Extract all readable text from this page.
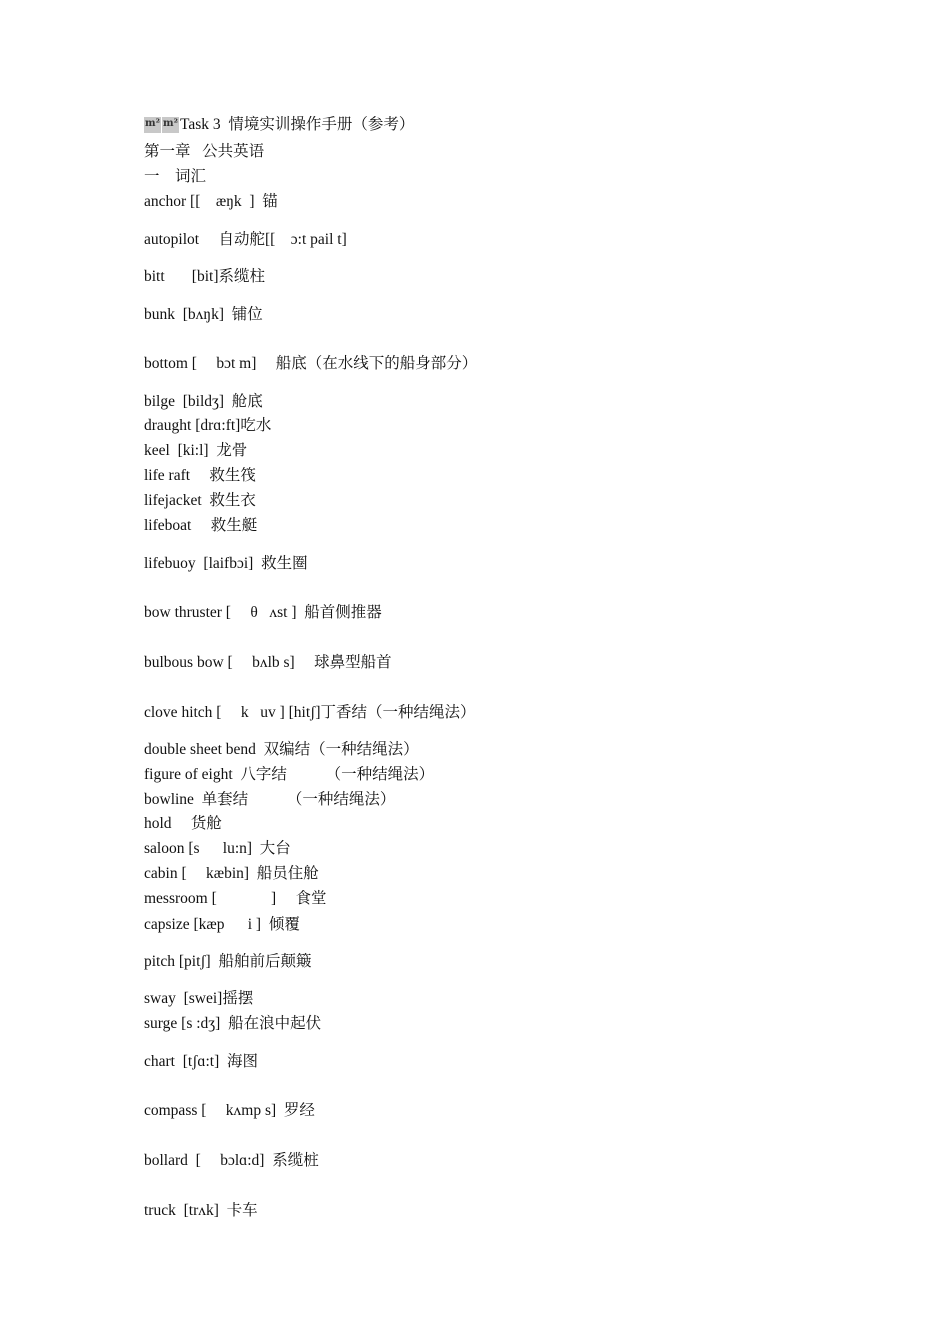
m² m² Task 3  情境实训操作手册（参考）
第一章   公共英语
一    词汇
anchor [[    æŋk  ]  锚
autopilot     自动舵[[    ɔ:t pail t]
bitt       [bit]系缆柱
bunk  [bʌŋk]  铺位
bottom [     bɔt m]     船底（在水线下的船身部分）
bilge  [bildʒ]  舱底
draught [drɑ:ft]吃水
keel  [ki:l]  龙骨
life raft     救生筏
lifejacket  救生衣
lifeboat     救生艇
lifebuoy  [laifbɔi]  救生圈
bow thruster [     θ   ʌst ]  船首侧推器
bulbous bow [     bʌlb s]     球鼻型船首
clove hitch [     k   uv ] [hitʃ]丁香结（一种结绳法）
double sheet bend  双编结（一种结绳法）
figure of eight  八字结          （一种结绳法）
bowline  单套结          （一种结绳法）
hold     货舱
saloon [s      lu:n]  大台
cabin [     kæbin]  船员住舱
messroom [              ]     食堂
capsize [kæp      i ]  倾覆
pitch [pitʃ]  船舶前后颠簸
sway  [swei]摇摆
surge [s :dʒ]  船在浪中起伏
chart  [tʃɑ:t]  海图
compass [     kʌmp s]  罗经
bollard  [     bɔlɑ:d]  系缆桩
truck  [trʌk]  卡车
